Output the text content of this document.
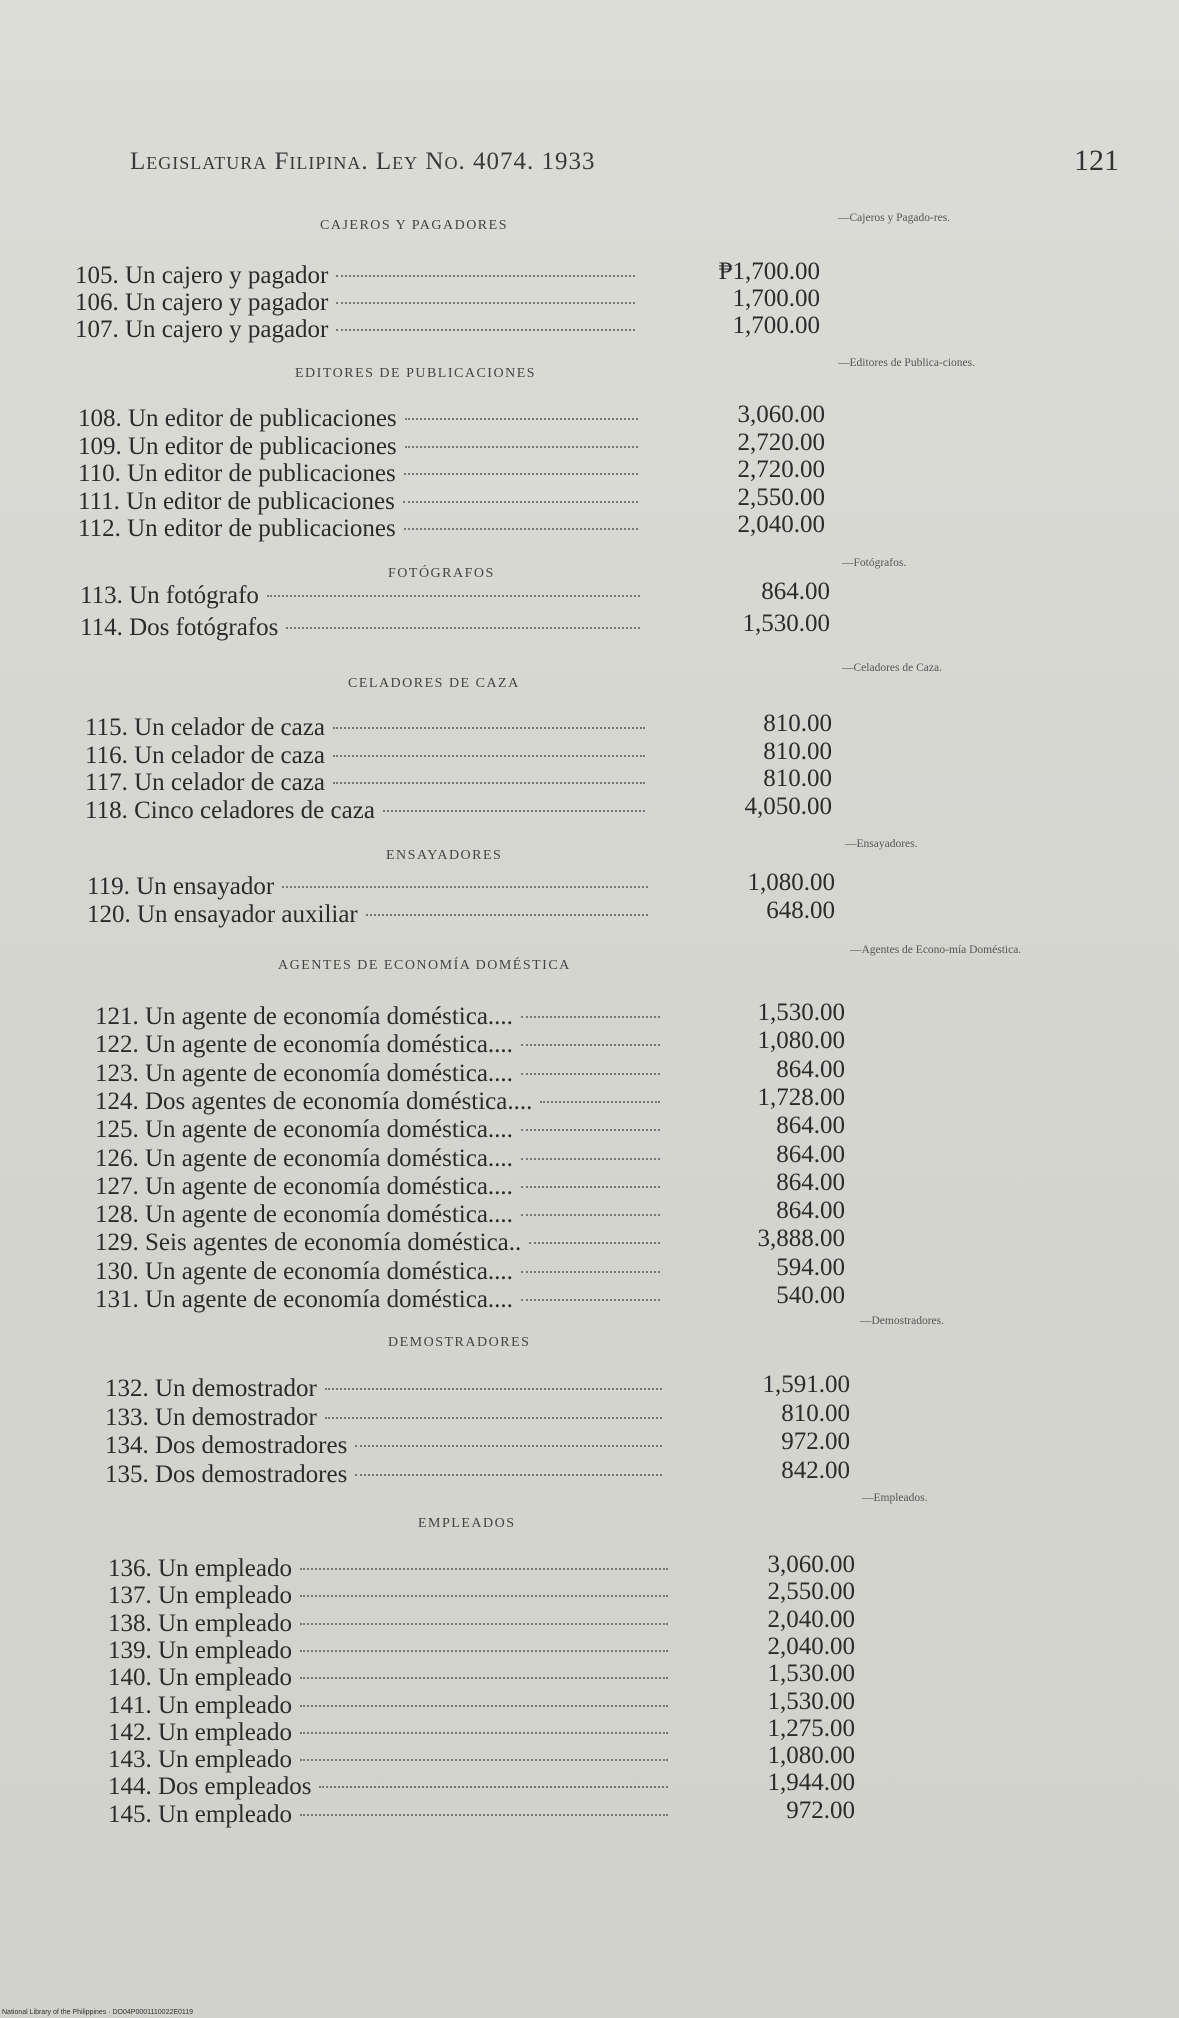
Legislatura Filipina. Ley No. 4074. 1933	121
CAJEROS Y PAGADORES	—Cajeros y Pagado-res.
105. Un cajero y pagador	₱1,700.00
106. Un cajero y pagador	1,700.00
107. Un cajero y pagador	1,700.00
EDITORES DE PUBLICACIONES
—Editores de Publica-ciones.
108. Un editor de publicaciones	3,060.00
109. Un editor de publicaciones	2,720.00
110. Un editor de publicaciones	2,720.00
111. Un editor de publicaciones	2,550.00
112. Un editor de publicaciones	2,040.00
FOTÓGRAFOS
—Fotógrafos.
113. Un fotógrafo	864.00
114. Dos fotógrafos	1,530.00
CELADORES DE CAZA
—Celadores de Caza.
115. Un celador de caza	810.00
116. Un celador de caza	810.00
117. Un celador de caza	810.00
118. Cinco celadores de caza	4,050.00
ENSAYADORES
—Ensayadores.
119. Un ensayador	1,080.00
120. Un ensayador auxiliar	648.00
AGENTES DE ECONOMÍA DOMÉSTICA
—Agentes de Econo-mía Doméstica.
121. Un agente de economía doméstica....	1,530.00
122. Un agente de economía doméstica....	1,080.00
123. Un agente de economía doméstica....	864.00
124. Dos agentes de economía doméstica....	1,728.00
125. Un agente de economía doméstica....	864.00
126. Un agente de economía doméstica....	864.00
127. Un agente de economía doméstica....	864.00
128. Un agente de economía doméstica....	864.00
129. Seis agentes de economía doméstica..	3,888.00
130. Un agente de economía doméstica....	594.00
131. Un agente de economía doméstica....	540.00
DEMOSTRADORES
—Demostradores.
132. Un demostrador	1,591.00
133. Un demostrador	810.00
134. Dos demostradores	972.00
135. Dos demostradores	842.00
EMPLEADOS
—Empleados.
136. Un empleado	3,060.00
137. Un empleado	2,550.00
138. Un empleado	2,040.00
139. Un empleado	2,040.00
140. Un empleado	1,530.00
141. Un empleado	1,530.00
142. Un empleado	1,275.00
143. Un empleado	1,080.00
144. Dos empleados	1,944.00
145. Un empleado	972.00
National Library of the Philippines · DO04P0001110022E0119
